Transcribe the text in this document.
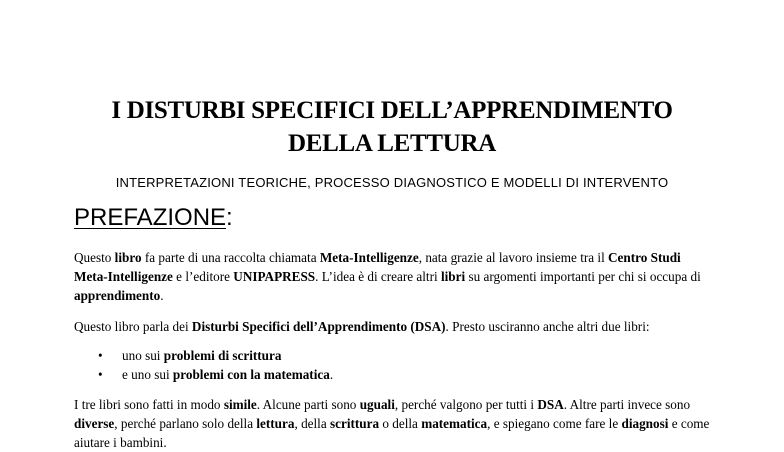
I DISTURBI SPECIFICI DELL’APPRENDIMENTO
DELLA LETTURA
INTERPRETAZIONI TEORICHE, PROCESSO DIAGNOSTICO E MODELLI DI INTERVENTO
PREFAZIONE:

Questo libro fa parte di una raccolta chiamata Meta-Intelligenze, nata grazie al lavoro insieme tra il Centro Studi Meta-Intelligenze e l’editore UNIPAPRESS. L’idea è di creare altri libri su argomenti importanti per chi si occupa di apprendimento.

Questo libro parla dei Disturbi Specifici dell’Apprendimento (DSA). Presto usciranno anche altri due libri:

• uno sui problemi di scrittura
• e uno sui problemi con la matematica.

I tre libri sono fatti in modo simile. Alcune parti sono uguali, perché valgono per tutti i DSA. Altre parti invece sono diverse, perché parlano solo della lettura, della scrittura o della matematica, e spiegano come fare le diagnosi e come aiutare i bambini.
